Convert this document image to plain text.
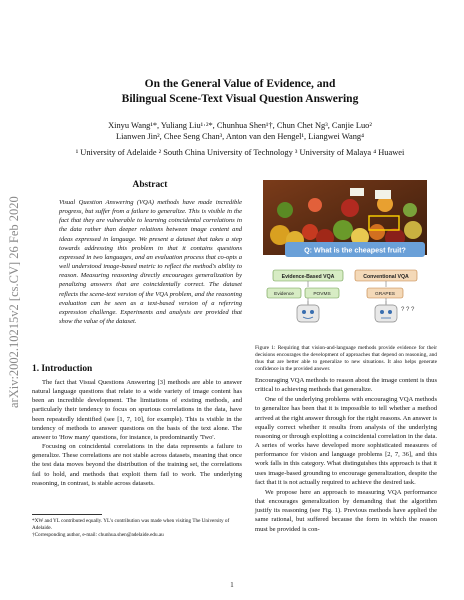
arXiv:2002.10215v2 [cs.CV] 26 Feb 2020
On the General Value of Evidence, and
Bilingual Scene-Text Visual Question Answering
Xinyu Wang¹*, Yuliang Liu¹·²*, Chunhua Shen¹†, Chun Chet Ng³, Canjie Luo²
Lianwen Jin², Chee Seng Chan³, Anton van den Hengel¹, Liangwei Wang⁴
¹ University of Adelaide ² South China University of Technology ³ University of Malaya ⁴ Huawei
Abstract
Visual Question Answering (VQA) methods have made incredible progress, but suffer from a failure to generalize. This is visible in the fact that they are vulnerable to learning coincidental correlations in the data rather than deeper relations between image content and ideas expressed in language. We present a dataset that takes a step towards addressing this problem in that it contains questions expressed in two languages, and an evaluation process that co-opts a well understood image-based metric to reflect the method's ability to reason. Measuring reasoning directly encourages generalization by penalizing answers that are coincidentally correct. The dataset reflects the scene-text version of the VQA problem, and the reasoning evaluation can be seen as a text-based version of a referring expression challenge. Experiments and analysis are provided that show the value of the dataset.
1. Introduction

The fact that Visual Questions Answering [3] methods are able to answer natural language questions that relate to a wide variety of image content has been an incredible development. The limitations of existing methods, and particularly their tendency to focus on spurious correlations in the data, have been repeatedly identified (see [1, 7, 10], for example). This is visible in the tendency of methods to answer questions on the basis of the text alone. The answer to 'How many' questions, for instance, is predominantly 'Two'.

Focusing on coincidental correlations in the data represents a failure to generalize. These correlations are not stable across datasets, meaning that once the test data moves beyond the distribution of the training set, the correlations fail to hold, and methods that exploit them fail to work. The underlying reasoning, in contrast, is stable across datasets.

*XW and YL contributed equally. YL's contribution was made when visiting The University of Adelaide.
†Corresponding author, e-mail: chunhua.shen@adelaide.edu.au
Q: What is the cheapest fruit?
Evidence-Based VQA	Conventional VQA
Evidence	POVMS	GRAPES
? ? ?
Figure 1: Requiring that vision-and-language methods provide evidence for their decisions encourages the development of approaches that depend on reasoning, and thus that are better able to generalize to new situations. It also helps generate confidence in the provided answer.

Encouraging VQA methods to reason about the image content is thus critical to achieving methods that generalize.

One of the underlying problems with encouraging VQA methods to generalize has been that it is impossible to tell whether a method arrived at the right answer through for the right reasons. An answer is equally correct whether it results from analysis of the underlying reasoning or through exploiting a coincidental correlation in the data. A series of works have developed more sophisticated measures of performance for vision and language problems [2, 7, 36], and this work falls in this category. What distinguishes this approach is that it uses image-based grounding to encourage generalization, despite the fact that it is not actually required to achieve the desired task.

We propose here an approach to measuring VQA performance that encourages generalization by demanding that the algorithm justify its reasoning (see Fig. 1). Previous methods have applied the same rational, but suffered because the form in which the reason must be provided is con-

1
